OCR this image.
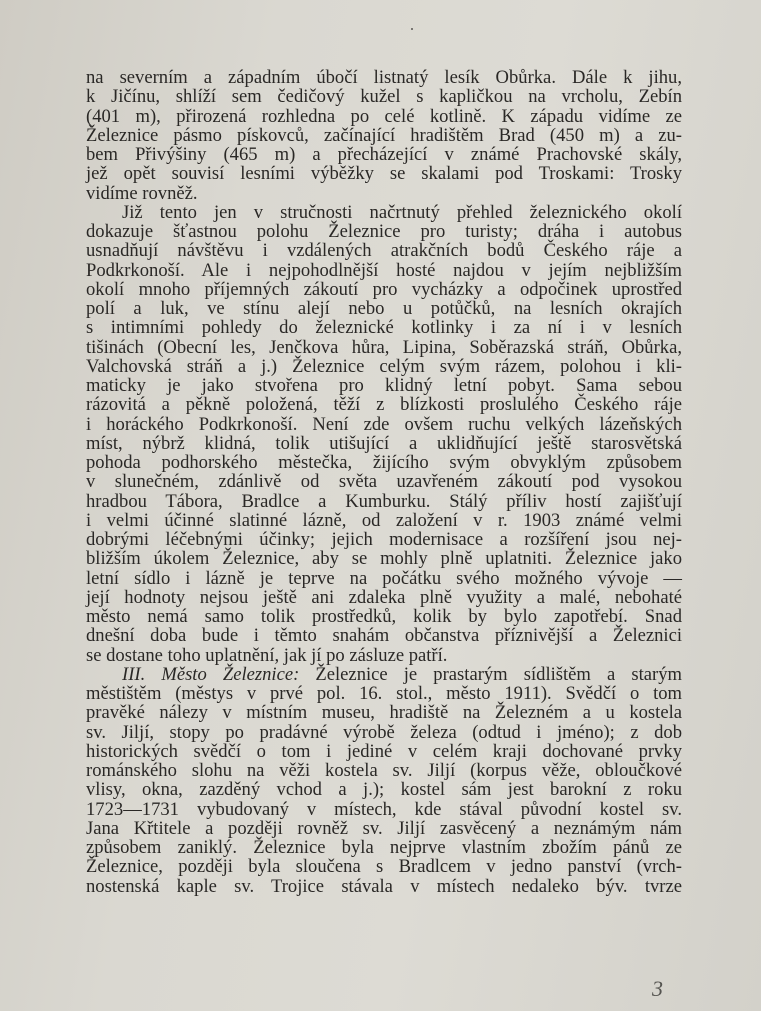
na severním a západním úbočí listnatý lesík Obůrka. Dále k jihu,
k Jičínu, shlíží sem čedičový kužel s kapličkou na vrcholu, Zebín
(401 m), přirozená rozhledna po celé kotlině. K západu vidíme ze
Železnice pásmo pískovců, začínající hradištěm Brad (450 m) a zu-
bem Přivýšiny (465 m) a přecházející v známé Prachovské skály,
jež opět souvisí lesními výběžky se skalami pod Troskami: Trosky
vidíme rovněž.

Již tento jen v stručnosti načrtnutý přehled železnického okolí
dokazuje šťastnou polohu Železnice pro turisty; dráha i autobus
usnadňují návštěvu i vzdálených atrakčních bodů Českého ráje a
Podkrkonoší. Ale i nejpohodlnější hosté najdou v jejím nejbližším
okolí mnoho příjemných zákoutí pro vycházky a odpočinek uprostřed
polí a luk, ve stínu alejí nebo u potůčků, na lesních okrajích
s intimními pohledy do železnické kotlinky i za ní i v lesních
tišinách (Obecní les, Jenčkova hůra, Lipina, Soběrazská stráň, Obůrka,
Valchovská stráň a j.) Železnice celým svým rázem, polohou i kli-
maticky je jako stvořena pro klidný letní pobyt. Sama sebou
rázovitá a pěkně položená, těží z blízkosti proslulého Českého ráje
i horáckého Podkrkonoší. Není zde ovšem ruchu velkých lázeňských
míst, nýbrž klidná, tolik utišující a uklidňující ještě starosvětská
pohoda podhorského městečka, žijícího svým obvyklým způsobem
v slunečném, zdánlivě od světa uzavřeném zákoutí pod vysokou
hradbou Tábora, Bradlce a Kumburku. Stálý příliv hostí zajišťují
i velmi účinné slatinné lázně, od založení v r. 1903 známé velmi
dobrými léčebnými účinky; jejich modernisace a rozšíření jsou nej-
bližším úkolem Železnice, aby se mohly plně uplatniti. Železnice jako
letní sídlo i lázně je teprve na počátku svého možného vývoje —
její hodnoty nejsou ještě ani zdaleka plně využity a malé, nebohaté
město nemá samo tolik prostředků, kolik by bylo zapotřebí. Snad
dnešní doba bude i těmto snahám občanstva příznivější a Železnici
se dostane toho uplatnění, jak jí po zásluze patří.

III. Město Železnice: Železnice je prastarým sídlištěm a starým
městištěm (městys v prvé pol. 16. stol., město 1911). Svědčí o tom
pravěké nálezy v místním museu, hradiště na Železném a u kostela
sv. Jiljí, stopy po pradávné výrobě železa (odtud i jméno); z dob
historických svědčí o tom i jediné v celém kraji dochované prvky
románského slohu na věži kostela sv. Jiljí (korpus věže, obloučkové
vlisy, okna, zazděný vchod a j.); kostel sám jest barokní z roku
1723—1731 vybudovaný v místech, kde stával původní kostel sv.
Jana Křtitele a později rovněž sv. Jiljí zasvěcený a neznámým nám
způsobem zaniklý. Železnice byla nejprve vlastním zbožím pánů ze
Železnice, později byla sloučena s Bradlcem v jedno panství (vrch-
nostenská kaple sv. Trojice stávala v místech nedaleko býv. tvrze

3
